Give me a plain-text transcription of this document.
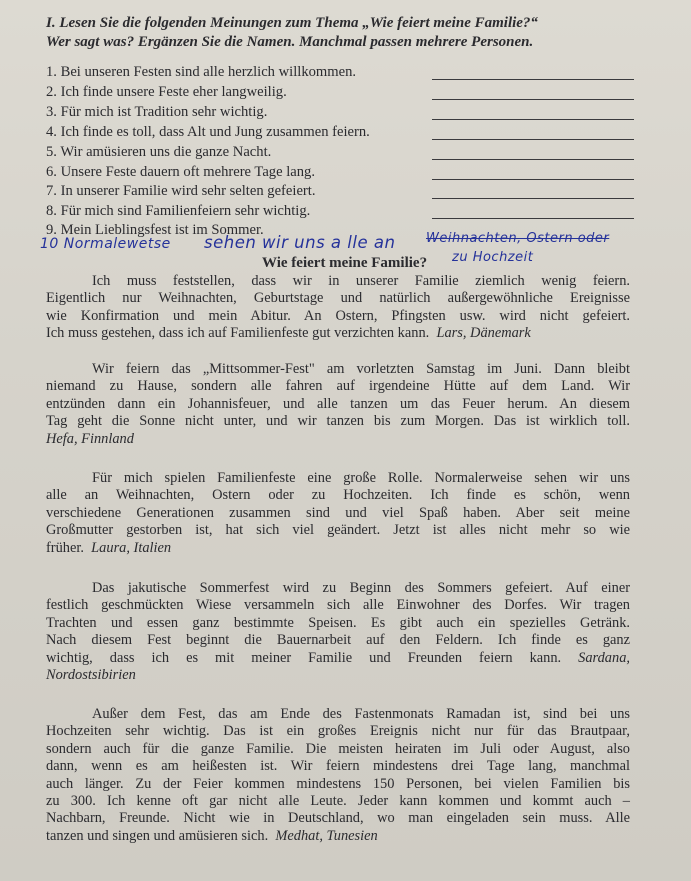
I. Lesen Sie die folgenden Meinungen zum Thema „Wie feiert meine Familie?“
Wer sagt was? Ergänzen Sie die Namen. Manchmal passen mehrere Personen.
1. Bei unseren Festen sind alle herzlich willkommen.
2. Ich finde unsere Feste eher langweilig.
3. Für mich ist Tradition sehr wichtig.
4. Ich finde es toll, dass Alt und Jung zusammen feiern.
5. Wir amüsieren uns die ganze Nacht.
6. Unsere Feste dauern oft mehrere Tage lang.
7. In unserer Familie wird sehr selten gefeiert.
8. Für mich sind Familienfeiern sehr wichtig.
9. Mein Lieblingsfest ist im Sommer.
10 Normalewetse sehen wir uns a lle an Weihnachten, Ostern oder
zu Hochzeit
Wie feiert meine Familie?
Ich muss feststellen, dass wir in unserer Familie ziemlich wenig feiern.
Eigentlich nur Weihnachten, Geburtstage und natürlich außergewöhnliche Ereignisse
wie Konfirmation und mein Abitur. An Ostern, Pfingsten usw. wird nicht gefeiert.
Ich muss gestehen, dass ich auf Familienfeste gut verzichten kann. Lars, Dänemark
Wir feiern das „Mittsommer-Fest" am vorletzten Samstag im Juni. Dann bleibt
niemand zu Hause, sondern alle fahren auf irgendeine Hütte auf dem Land. Wir
entzünden dann ein Johannisfeuer, und alle tanzen um das Feuer herum. An diesem
Tag geht die Sonne nicht unter, und wir tanzen bis zum Morgen. Das ist wirklich toll.
Hefa, Finnland
Für mich spielen Familienfeste eine große Rolle. Normalerweise sehen wir uns
alle an Weihnachten, Ostern oder zu Hochzeiten. Ich finde es schön, wenn
verschiedene Generationen zusammen sind und viel Spaß haben. Aber seit meine
Großmutter gestorben ist, hat sich viel geändert. Jetzt ist alles nicht mehr so wie
früher. Laura, Italien
Das jakutische Sommerfest wird zu Beginn des Sommers gefeiert. Auf einer
festlich geschmückten Wiese versammeln sich alle Einwohner des Dorfes. Wir tragen
Trachten und essen ganz bestimmte Speisen. Es gibt auch ein spezielles Getränk.
Nach diesem Fest beginnt die Bauernarbeit auf den Feldern. Ich finde es ganz
wichtig, dass ich es mit meiner Familie und Freunden feiern kann. Sardana,
Nordostsibirien
Außer dem Fest, das am Ende des Fastenmonats Ramadan ist, sind bei uns
Hochzeiten sehr wichtig. Das ist ein großes Ereignis nicht nur für das Brautpaar,
sondern auch für die ganze Familie. Die meisten heiraten im Juli oder August, also
dann, wenn es am heißesten ist. Wir feiern mindestens drei Tage lang, manchmal
auch länger. Zu der Feier kommen mindestens 150 Personen, bei vielen Familien bis
zu 300. Ich kenne oft gar nicht alle Leute. Jeder kann kommen und kommt auch –
Nachbarn, Freunde. Nicht wie in Deutschland, wo man eingeladen sein muss. Alle
tanzen und singen und amüsieren sich. Medhat, Tunesien
